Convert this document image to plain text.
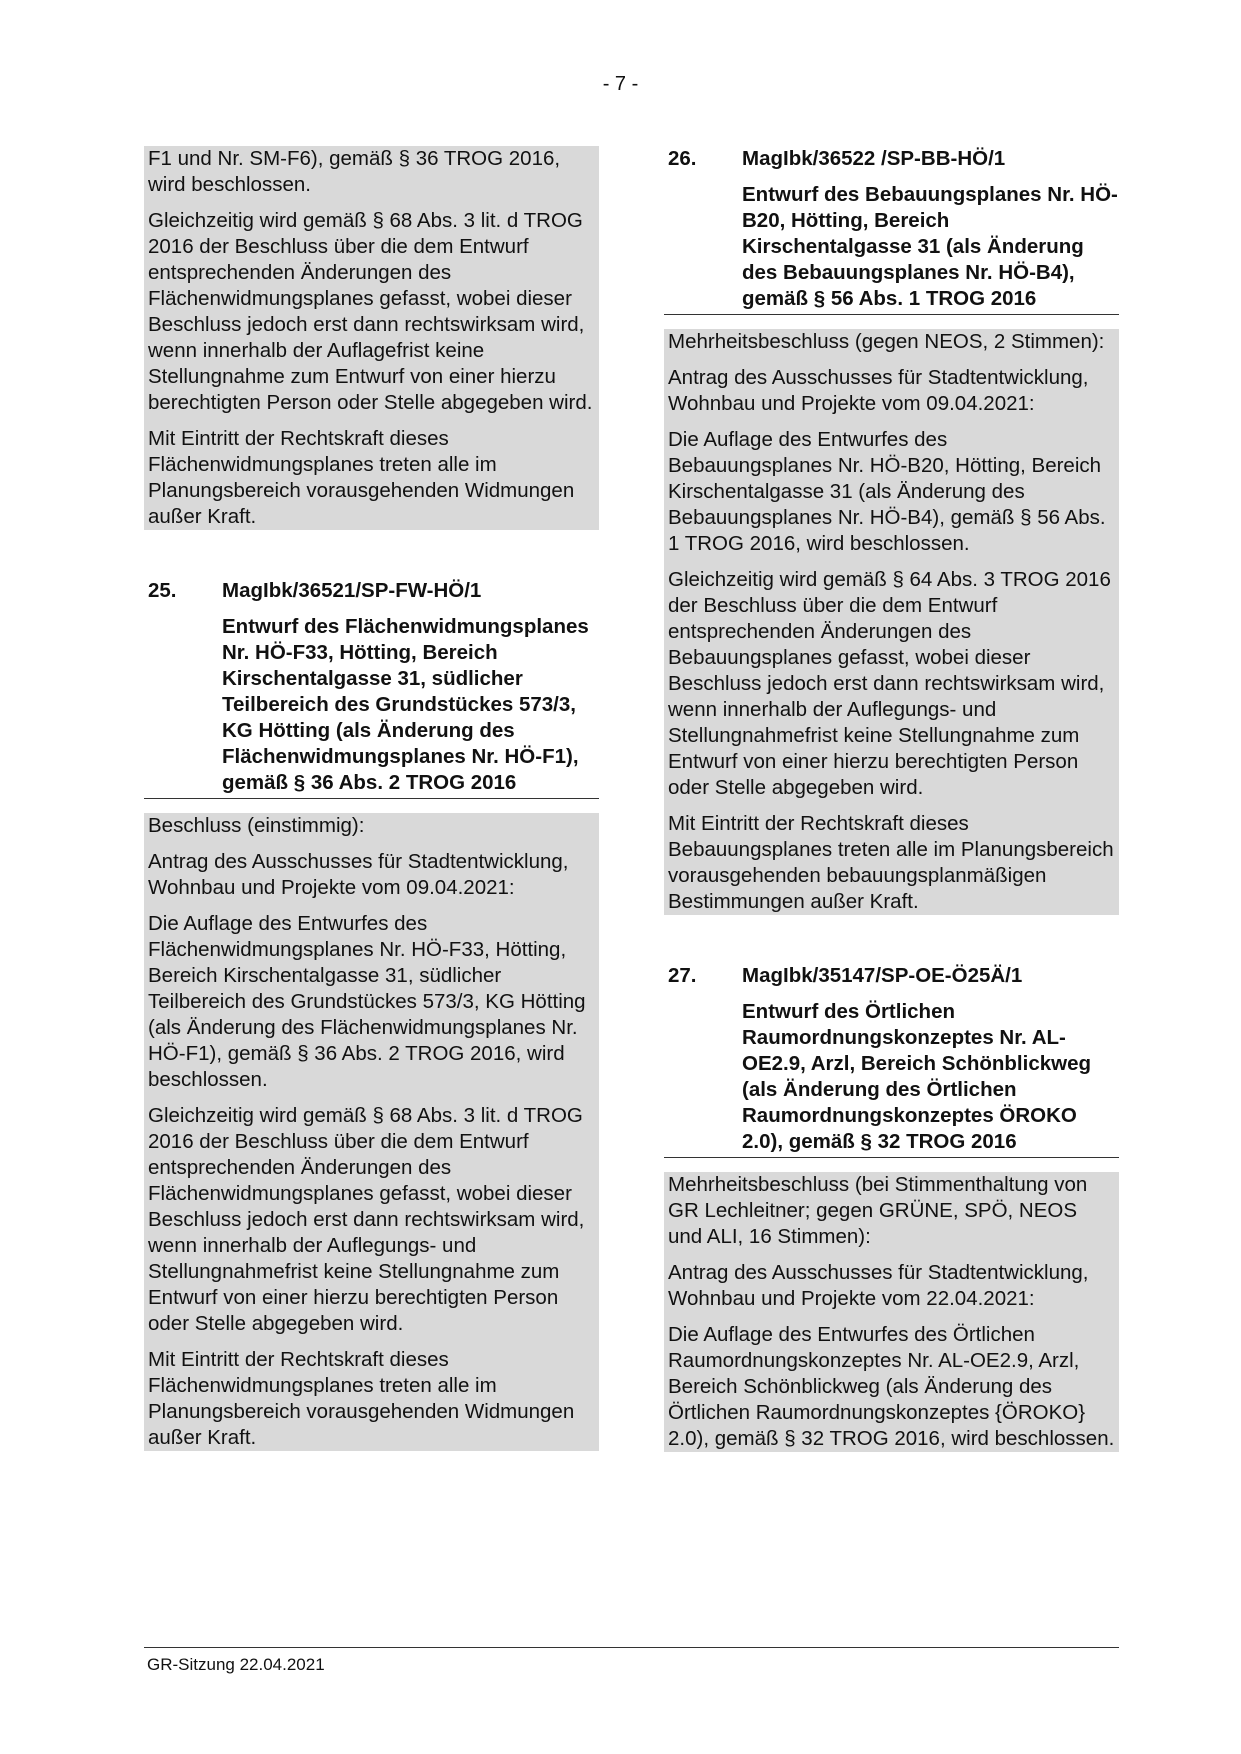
- 7 -

F1 und Nr. SM-F6), gemäß § 36 TROG 2016, wird beschlossen.

Gleichzeitig wird gemäß § 68 Abs. 3 lit. d TROG 2016 der Beschluss über die dem Entwurf entsprechenden Änderungen des Flächenwidmungsplanes gefasst, wobei dieser Beschluss jedoch erst dann rechtswirksam wird, wenn innerhalb der Auflagefrist keine Stellungnahme zum Entwurf von einer hierzu berechtigten Person oder Stelle abgegeben wird.

Mit Eintritt der Rechtskraft dieses Flächenwidmungsplanes treten alle im Planungsbereich vorausgehenden Widmungen außer Kraft.

25.	MagIbk/36521/SP-FW-HÖ/1
Entwurf des Flächenwidmungsplanes Nr. HÖ-F33, Hötting, Bereich Kirschentalgasse 31, südlicher Teilbereich des Grundstückes 573/3, KG Hötting (als Änderung des Flächenwidmungsplanes Nr. HÖ-F1), gemäß § 36 Abs. 2 TROG 2016

Beschluss (einstimmig):

Antrag des Ausschusses für Stadtentwicklung, Wohnbau und Projekte vom 09.04.2021:

Die Auflage des Entwurfes des Flächenwidmungsplanes Nr. HÖ-F33, Hötting, Bereich Kirschentalgasse 31, südlicher Teilbereich des Grundstückes 573/3, KG Hötting (als Änderung des Flächenwidmungsplanes Nr. HÖ-F1), gemäß § 36 Abs. 2 TROG 2016, wird beschlossen.

Gleichzeitig wird gemäß § 68 Abs. 3 lit. d TROG 2016 der Beschluss über die dem Entwurf entsprechenden Änderungen des Flächenwidmungsplanes gefasst, wobei dieser Beschluss jedoch erst dann rechtswirksam wird, wenn innerhalb der Auflegungs- und Stellungnahmefrist keine Stellungnahme zum Entwurf von einer hierzu berechtigten Person oder Stelle abgegeben wird.

Mit Eintritt der Rechtskraft dieses Flächenwidmungsplanes treten alle im Planungsbereich vorausgehenden Widmungen außer Kraft.

26.	MagIbk/36522 /SP-BB-HÖ/1
Entwurf des Bebauungsplanes Nr. HÖ-B20, Hötting, Bereich Kirschentalgasse 31 (als Änderung des Bebauungsplanes Nr. HÖ-B4), gemäß § 56 Abs. 1 TROG 2016

Mehrheitsbeschluss (gegen NEOS, 2 Stimmen):

Antrag des Ausschusses für Stadtentwicklung, Wohnbau und Projekte vom 09.04.2021:

Die Auflage des Entwurfes des Bebauungsplanes Nr. HÖ-B20, Hötting, Bereich Kirschentalgasse 31 (als Änderung des Bebauungsplanes Nr. HÖ-B4), gemäß § 56 Abs. 1 TROG 2016, wird beschlossen.

Gleichzeitig wird gemäß § 64 Abs. 3 TROG 2016 der Beschluss über die dem Entwurf entsprechenden Änderungen des Bebauungsplanes gefasst, wobei dieser Beschluss jedoch erst dann rechtswirksam wird, wenn innerhalb der Auflegungs- und Stellungnahmefrist keine Stellungnahme zum Entwurf von einer hierzu berechtigten Person oder Stelle abgegeben wird.

Mit Eintritt der Rechtskraft dieses Bebauungsplanes treten alle im Planungsbereich vorausgehenden bebauungsplanmäßigen Bestimmungen außer Kraft.

27.	MagIbk/35147/SP-OE-Ö25Ä/1
Entwurf des Örtlichen Raumordnungskonzeptes Nr. AL-OE2.9, Arzl, Bereich Schönblickweg (als Änderung des Örtlichen Raumordnungskonzeptes ÖROKO 2.0), gemäß § 32 TROG 2016

Mehrheitsbeschluss (bei Stimmenthaltung von GR Lechleitner; gegen GRÜNE, SPÖ, NEOS und ALI, 16 Stimmen):

Antrag des Ausschusses für Stadtentwicklung, Wohnbau und Projekte vom 22.04.2021:

Die Auflage des Entwurfes des Örtlichen Raumordnungskonzeptes Nr. AL-OE2.9, Arzl, Bereich Schönblickweg (als Änderung des Örtlichen Raumordnungskonzeptes {ÖROKO} 2.0), gemäß § 32 TROG 2016, wird beschlossen.

GR-Sitzung 22.04.2021
